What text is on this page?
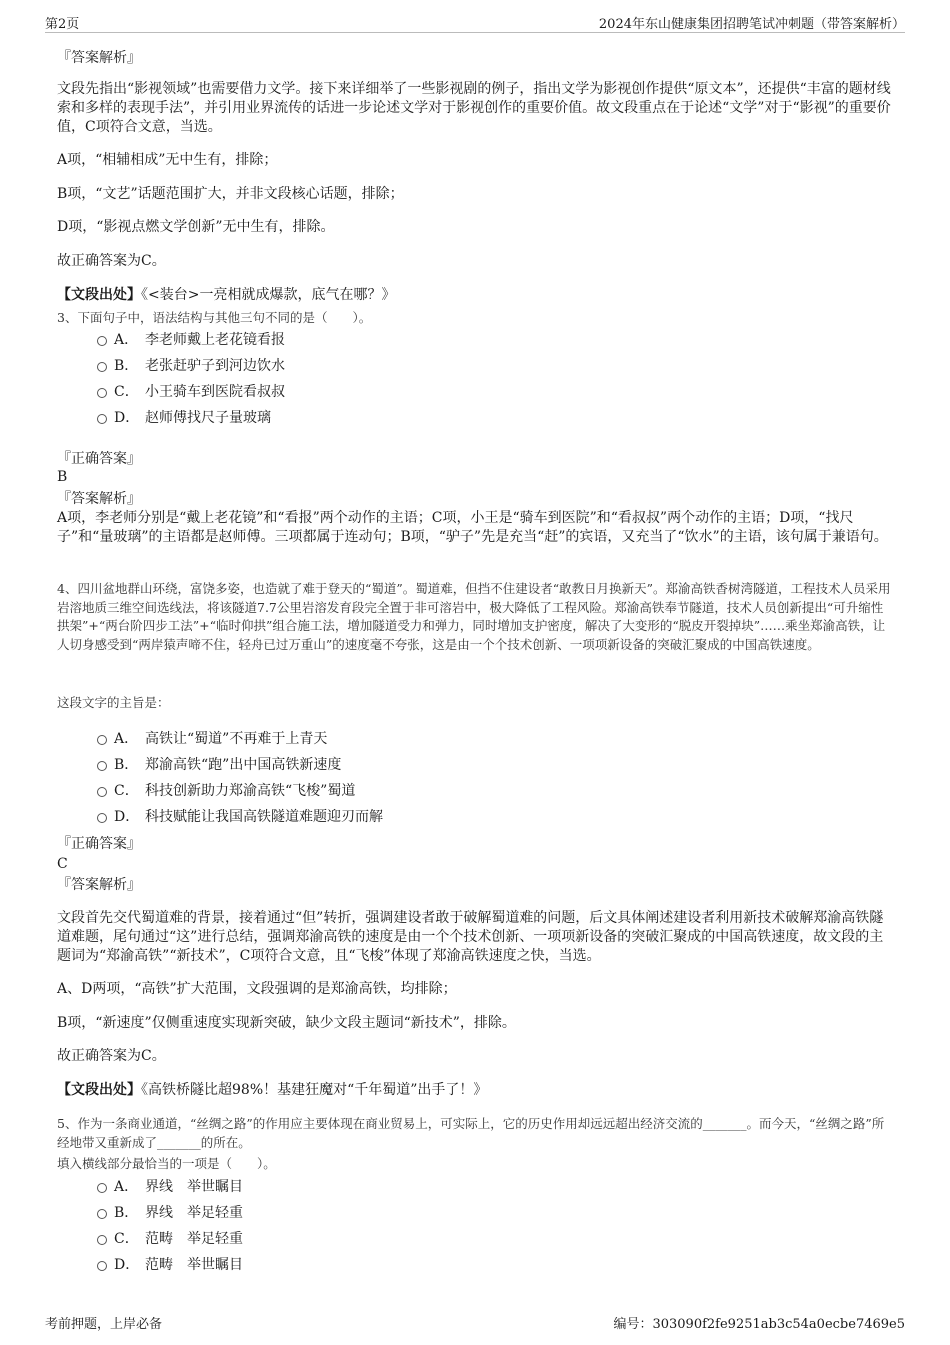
第2页	2024年东山健康集团招聘笔试冲刺题（带答案解析）
『答案解析』
文段先指出“影视领域”也需要借力文学。接下来详细举了一些影视剧的例子，指出文学为影视创作提供“原文本”，还提供“丰富的题材线索和多样的表现手法”，并引用业界流传的话进一步论述文学对于影视创作的重要价值。故文段重点在于论述“文学”对于“影视”的重要价值，C项符合文意，当选。
A项，“相辅相成”无中生有，排除；
B项，“文艺”话题范围扩大，并非文段核心话题，排除；
D项，“影视点燃文学创新”无中生有，排除。
故正确答案为C。
【文段出处】《<装台>一亮相就成爆款，底气在哪？》
3、下面句子中，语法结构与其他三句不同的是（　　）。
A． 李老师戴上老花镜看报
B． 老张赶驴子到河边饮水
C． 小王骑车到医院看叔叔
D． 赵师傅找尺子量玻璃
『正确答案』
B
『答案解析』
A项，李老师分别是“戴上老花镜”和“看报”两个动作的主语；C项，小王是“骑车到医院”和“看叔叔”两个动作的主语；D项，“找尺子”和“量玻璃”的主语都是赵师傅。三项都属于连动句；B项，“驴子”先是充当“赶”的宾语，又充当了“饮水”的主语，该句属于兼语句。
4、四川盆地群山环绕，富饶多姿，也造就了难于登天的“蜀道”。蜀道难，但挡不住建设者“敢教日月换新天”。郑渝高铁香树湾隧道，工程技术人员采用岩溶地质三维空间选线法，将该隧道7.7公里岩溶发育段完全置于非可溶岩中，极大降低了工程风险。郑渝高铁奉节隧道，技术人员创新提出“可升缩性拱架”+“两台阶四步工法”+“临时仰拱”组合施工法，增加隧道受力和弹力，同时增加支护密度，解决了大变形的“脱皮开裂掉块”……乘坐郑渝高铁，让人切身感受到“两岸猿声啼不住，轻舟已过万重山”的速度毫不夸张，这是由一个个技术创新、一项项新设备的突破汇聚成的中国高铁速度。
这段文字的主旨是：
A． 高铁让“蜀道”不再难于上青天
B． 郑渝高铁“跑”出中国高铁新速度
C． 科技创新助力郑渝高铁“飞梭”蜀道
D． 科技赋能让我国高铁隧道难题迎刃而解
『正确答案』
C
『答案解析』
文段首先交代蜀道难的背景，接着通过“但”转折，强调建设者敢于破解蜀道难的问题，后文具体阐述建设者利用新技术破解郑渝高铁隧道难题，尾句通过“这”进行总结，强调郑渝高铁的速度是由一个个技术创新、一项项新设备的突破汇聚成的中国高铁速度，故文段的主题词为“郑渝高铁”“新技术”，C项符合文意，且“飞梭”体现了郑渝高铁速度之快，当选。
A、D两项，“高铁”扩大范围，文段强调的是郑渝高铁，均排除；
B项，“新速度”仅侧重速度实现新突破，缺少文段主题词“新技术”，排除。
故正确答案为C。
【文段出处】《高铁桥隧比超98%！基建狂魔对“千年蜀道”出手了！》
5、作为一条商业通道，“丝绸之路”的作用应主要体现在商业贸易上，可实际上，它的历史作用却远远超出经济交流的_______。而今天，“丝绸之路”所经地带又重新成了_______的所在。
填入横线部分最恰当的一项是（　　）。
A． 界线　举世瞩目
B． 界线　举足轻重
C． 范畴　举足轻重
D． 范畴　举世瞩目
考前押题，上岸必备	编号：303090f2fe9251ab3c54a0ecbe7469e5
